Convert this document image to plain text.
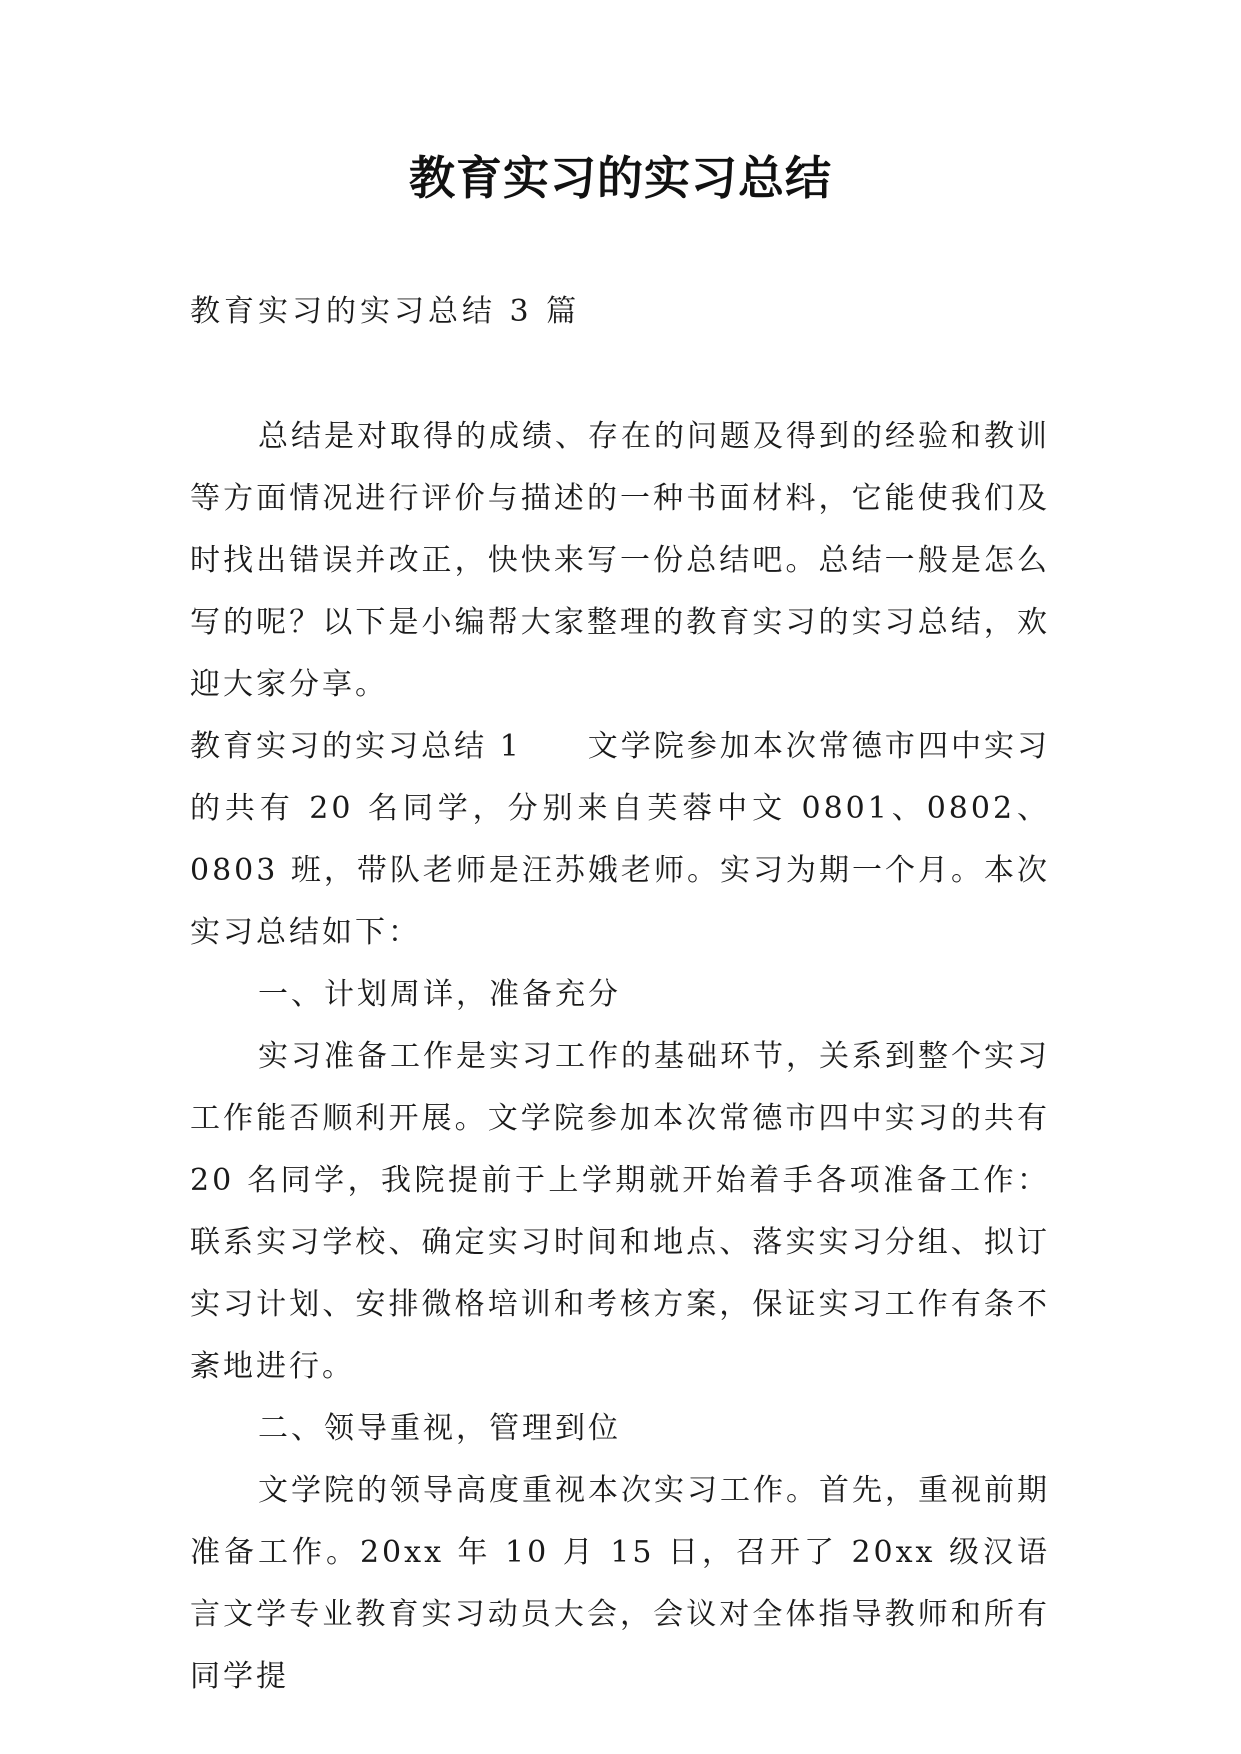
教育实习的实习总结
教育实习的实习总结 3 篇

总结是对取得的成绩、存在的问题及得到的经验和教训等方面情况进行评价与描述的一种书面材料，它能使我们及时找出错误并改正，快快来写一份总结吧。总结一般是怎么写的呢？以下是小编帮大家整理的教育实习的实习总结，欢迎大家分享。

教育实习的实习总结 1 文学院参加本次常德市四中实习的共有 20 名同学，分别来自芙蓉中文 0801、0802、0803 班，带队老师是汪苏娥老师。实习为期一个月。本次实习总结如下：

一、计划周详，准备充分

实习准备工作是实习工作的基础环节，关系到整个实习工作能否顺利开展。文学院参加本次常德市四中实习的共有 20 名同学，我院提前于上学期就开始着手各项准备工作：联系实习学校、确定实习时间和地点、落实实习分组、拟订实习计划、安排微格培训和考核方案，保证实习工作有条不紊地进行。

二、领导重视，管理到位

文学院的领导高度重视本次实习工作。首先，重视前期准备工作。20xx 年 10 月 15 日，召开了 20xx 级汉语言文学专业教育实习动员大会，会议对全体指导教师和所有同学提
